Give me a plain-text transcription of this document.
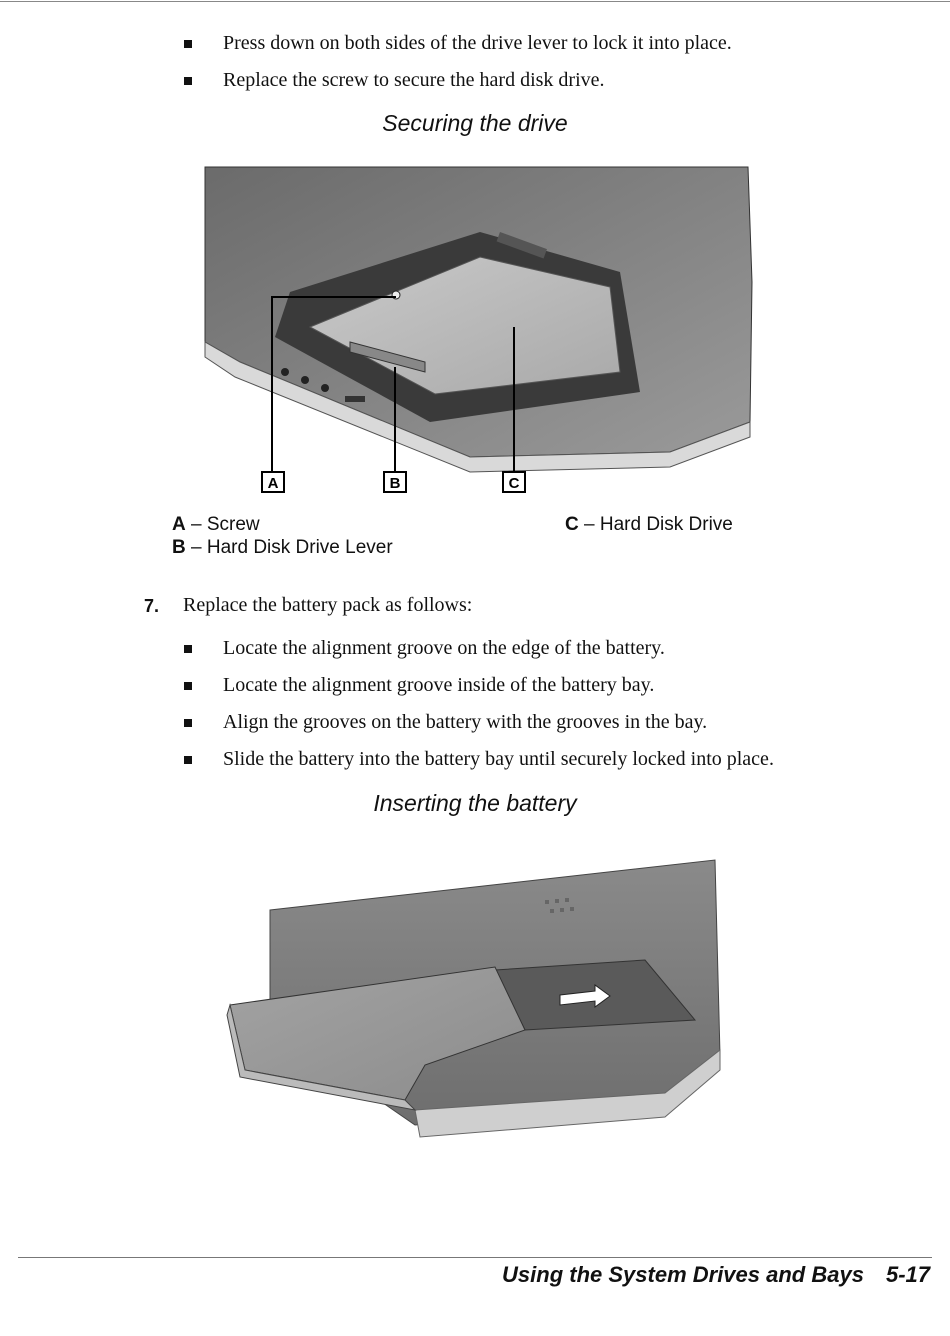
Press down on both sides of the drive lever to lock it into place.
Replace the screw to secure the hard disk drive.
Securing the drive
A	B	C
A – Screw
B – Hard Disk Drive Lever
C – Hard Disk Drive
7. Replace the battery pack as follows:
Locate the alignment groove on the edge of the battery.
Locate the alignment groove inside of the battery bay.
Align the grooves on the battery with the grooves in the bay.
Slide the battery into the battery bay until securely locked into place.
Inserting the battery
Using the System Drives and Bays 5-17
